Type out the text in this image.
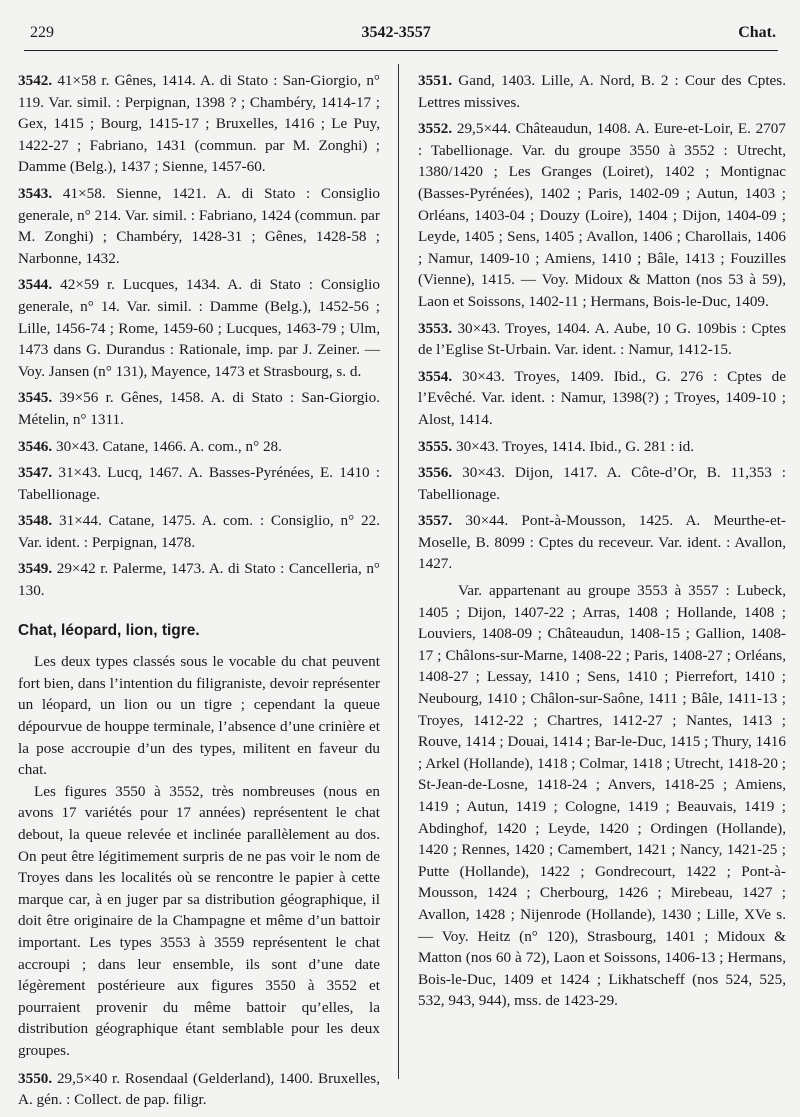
229	3542-3557	Chat.

3542. 41×58 r. Gênes, 1414. A. di Stato : San-Giorgio, n° 119. Var. simil. : Perpignan, 1398 ? ; Chambéry, 1414-17 ; Gex, 1415 ; Bourg, 1415-17 ; Bruxelles, 1416 ; Le Puy, 1422-27 ; Fabriano, 1431 (commun. par M. Zonghi) ; Damme (Belg.), 1437 ; Sienne, 1457-60.

3543. 41×58. Sienne, 1421. A. di Stato : Consiglio generale, n° 214. Var. simil. : Fabriano, 1424 (commun. par M. Zonghi) ; Chambéry, 1428-31 ; Gênes, 1428-58 ; Narbonne, 1432.

3544. 42×59 r. Lucques, 1434. A. di Stato : Consiglio generale, n° 14. Var. simil. : Damme (Belg.), 1452-56 ; Lille, 1456-74 ; Rome, 1459-60 ; Lucques, 1463-79 ; Ulm, 1473 dans G. Durandus : Rationale, imp. par J. Zeiner. — Voy. Jansen (n° 131), Mayence, 1473 et Strasbourg, s. d.

3545. 39×56 r. Gênes, 1458. A. di Stato : San-Giorgio. Mételin, n° 1311.

3546. 30×43. Catane, 1466. A. com., n° 28.

3547. 31×43. Lucq, 1467. A. Basses-Pyrénées, E. 1410 : Tabellionage.

3548. 31×44. Catane, 1475. A. com. : Consiglio, n° 22. Var. ident. : Perpignan, 1478.

3549. 29×42 r. Palerme, 1473. A. di Stato : Cancelleria, n° 130.

Chat, léopard, lion, tigre.

Les deux types classés sous le vocable du chat peuvent fort bien, dans l’intention du filigraniste, devoir représenter un léopard, un lion ou un tigre ; cependant la queue dépourvue de houppe terminale, l’absence d’une crinière et la pose accroupie d’un des types, militent en faveur du chat.

Les figures 3550 à 3552, très nombreuses (nous en avons 17 variétés pour 17 années) représentent le chat debout, la queue relevée et inclinée parallèlement au dos. On peut être légitimement surpris de ne pas voir le nom de Troyes dans les localités où se rencontre le papier à cette marque car, à en juger par sa distribution géographique, il doit être originaire de la Champagne et même d’un battoir important. Les types 3553 à 3559 représentent le chat accroupi ; dans leur ensemble, ils sont d’une date légèrement postérieure aux figures 3550 à 3552 et pourraient provenir du même battoir qu’elles, la distribution géographique étant semblable pour les deux groupes.

3550. 29,5×40 r. Rosendaal (Gelderland), 1400. Bruxelles, A. gén. : Collect. de pap. filigr.

3551. Gand, 1403. Lille, A. Nord, B. 2 : Cour des Cptes. Lettres missives.

3552. 29,5×44. Châteaudun, 1408. A. Eure-et-Loir, E. 2707 : Tabellionage. Var. du groupe 3550 à 3552 : Utrecht, 1380/1420 ; Les Granges (Loiret), 1402 ; Montignac (Basses-Pyrénées), 1402 ; Paris, 1402-09 ; Autun, 1403 ; Orléans, 1403-04 ; Douzy (Loire), 1404 ; Dijon, 1404-09 ; Leyde, 1405 ; Sens, 1405 ; Avallon, 1406 ; Charollais, 1406 ; Namur, 1409-10 ; Amiens, 1410 ; Bâle, 1413 ; Fouzilles (Vienne), 1415. — Voy. Midoux & Matton (nos 53 à 59), Laon et Soissons, 1402-11 ; Hermans, Bois-le-Duc, 1409.

3553. 30×43. Troyes, 1404. A. Aube, 10 G. 109bis : Cptes de l’Eglise St-Urbain. Var. ident. : Namur, 1412-15.

3554. 30×43. Troyes, 1409. Ibid., G. 276 : Cptes de l’Evêché. Var. ident. : Namur, 1398(?) ; Troyes, 1409-10 ; Alost, 1414.

3555. 30×43. Troyes, 1414. Ibid., G. 281 : id.

3556. 30×43. Dijon, 1417. A. Côte-d’Or, B. 11,353 : Tabellionage.

3557. 30×44. Pont-à-Mousson, 1425. A. Meurthe-et-Moselle, B. 8099 : Cptes du receveur. Var. ident. : Avallon, 1427.

Var. appartenant au groupe 3553 à 3557 : Lubeck, 1405 ; Dijon, 1407-22 ; Arras, 1408 ; Hollande, 1408 ; Louviers, 1408-09 ; Châteaudun, 1408-15 ; Gallion, 1408-17 ; Châlons-sur-Marne, 1408-22 ; Paris, 1408-27 ; Orléans, 1408-27 ; Lessay, 1410 ; Sens, 1410 ; Pierrefort, 1410 ; Neubourg, 1410 ; Châlon-sur-Saône, 1411 ; Bâle, 1411-13 ; Troyes, 1412-22 ; Chartres, 1412-27 ; Nantes, 1413 ; Rouve, 1414 ; Douai, 1414 ; Bar-le-Duc, 1415 ; Thury, 1416 ; Arkel (Hollande), 1418 ; Colmar, 1418 ; Utrecht, 1418-20 ; St-Jean-de-Losne, 1418-24 ; Anvers, 1418-25 ; Amiens, 1419 ; Autun, 1419 ; Cologne, 1419 ; Beauvais, 1419 ; Abdinghof, 1420 ; Leyde, 1420 ; Ordingen (Hollande), 1420 ; Rennes, 1420 ; Camembert, 1421 ; Nancy, 1421-25 ; Putte (Hollande), 1422 ; Gondrecourt, 1422 ; Pont-à-Mousson, 1424 ; Cherbourg, 1426 ; Mirebeau, 1427 ; Avallon, 1428 ; Nijenrode (Hollande), 1430 ; Lille, XVe s. — Voy. Heitz (n° 120), Strasbourg, 1401 ; Midoux & Matton (nos 60 à 72), Laon et Soissons, 1406-13 ; Hermans, Bois-le-Duc, 1409 et 1424 ; Likhatscheff (nos 524, 525, 532, 943, 944), mss. de 1423-29.
